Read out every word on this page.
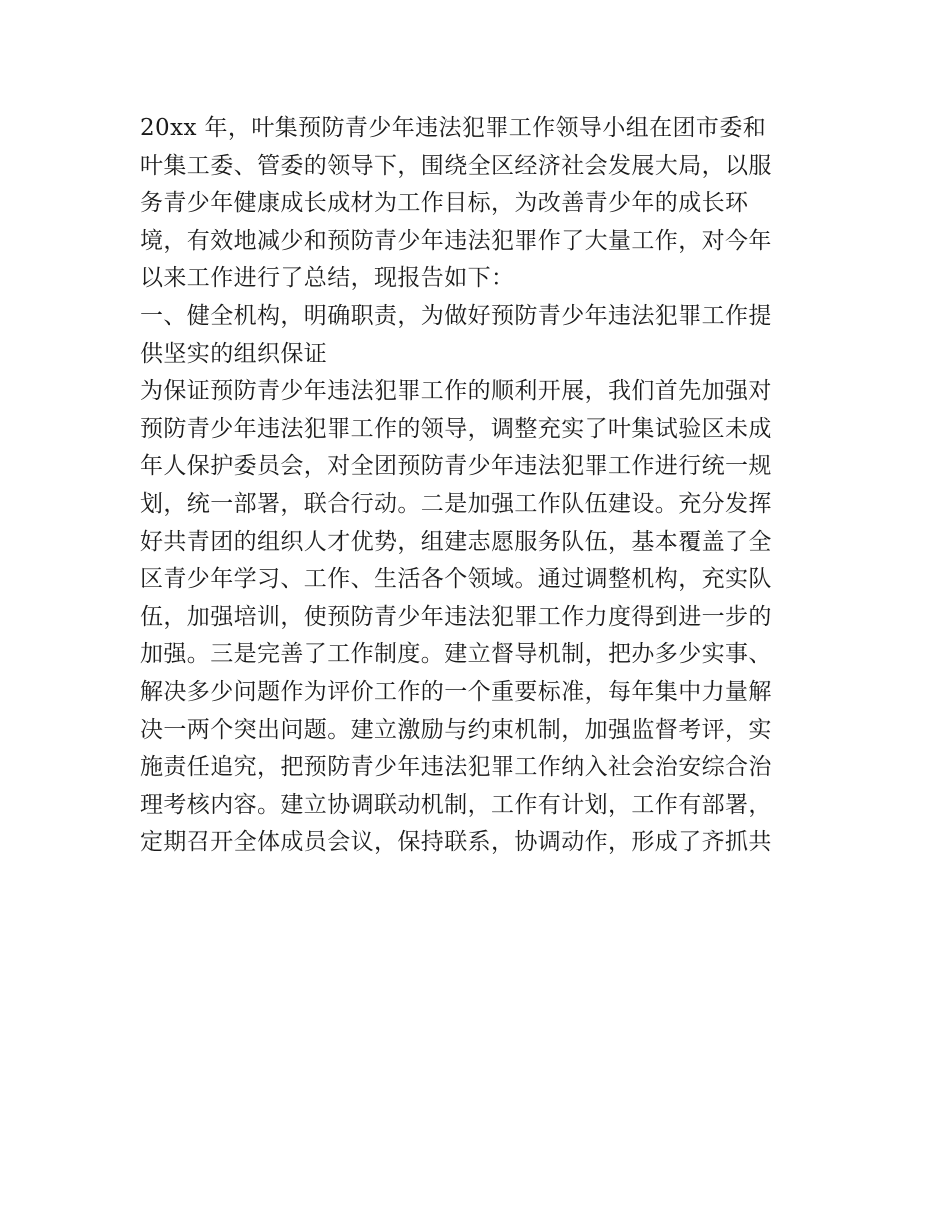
20xx 年，叶集预防青少年违法犯罪工作领导小组在团市委和
叶集工委、管委的领导下，围绕全区经济社会发展大局，以服
务青少年健康成长成材为工作目标，为改善青少年的成长环
境，有效地减少和预防青少年违法犯罪作了大量工作，对今年
以来工作进行了总结，现报告如下：
一、健全机构，明确职责，为做好预防青少年违法犯罪工作提
供坚实的组织保证
为保证预防青少年违法犯罪工作的顺利开展，我们首先加强对
预防青少年违法犯罪工作的领导，调整充实了叶集试验区未成
年人保护委员会，对全团预防青少年违法犯罪工作进行统一规
划，统一部署，联合行动。二是加强工作队伍建设。充分发挥
好共青团的组织人才优势，组建志愿服务队伍，基本覆盖了全
区青少年学习、工作、生活各个领域。通过调整机构，充实队
伍，加强培训，使预防青少年违法犯罪工作力度得到进一步的
加强。三是完善了工作制度。建立督导机制，把办多少实事、
解决多少问题作为评价工作的一个重要标准，每年集中力量解
决一两个突出问题。建立激励与约束机制，加强监督考评，实
施责任追究，把预防青少年违法犯罪工作纳入社会治安综合治
理考核内容。建立协调联动机制，工作有计划，工作有部署，
定期召开全体成员会议，保持联系，协调动作，形成了齐抓共
